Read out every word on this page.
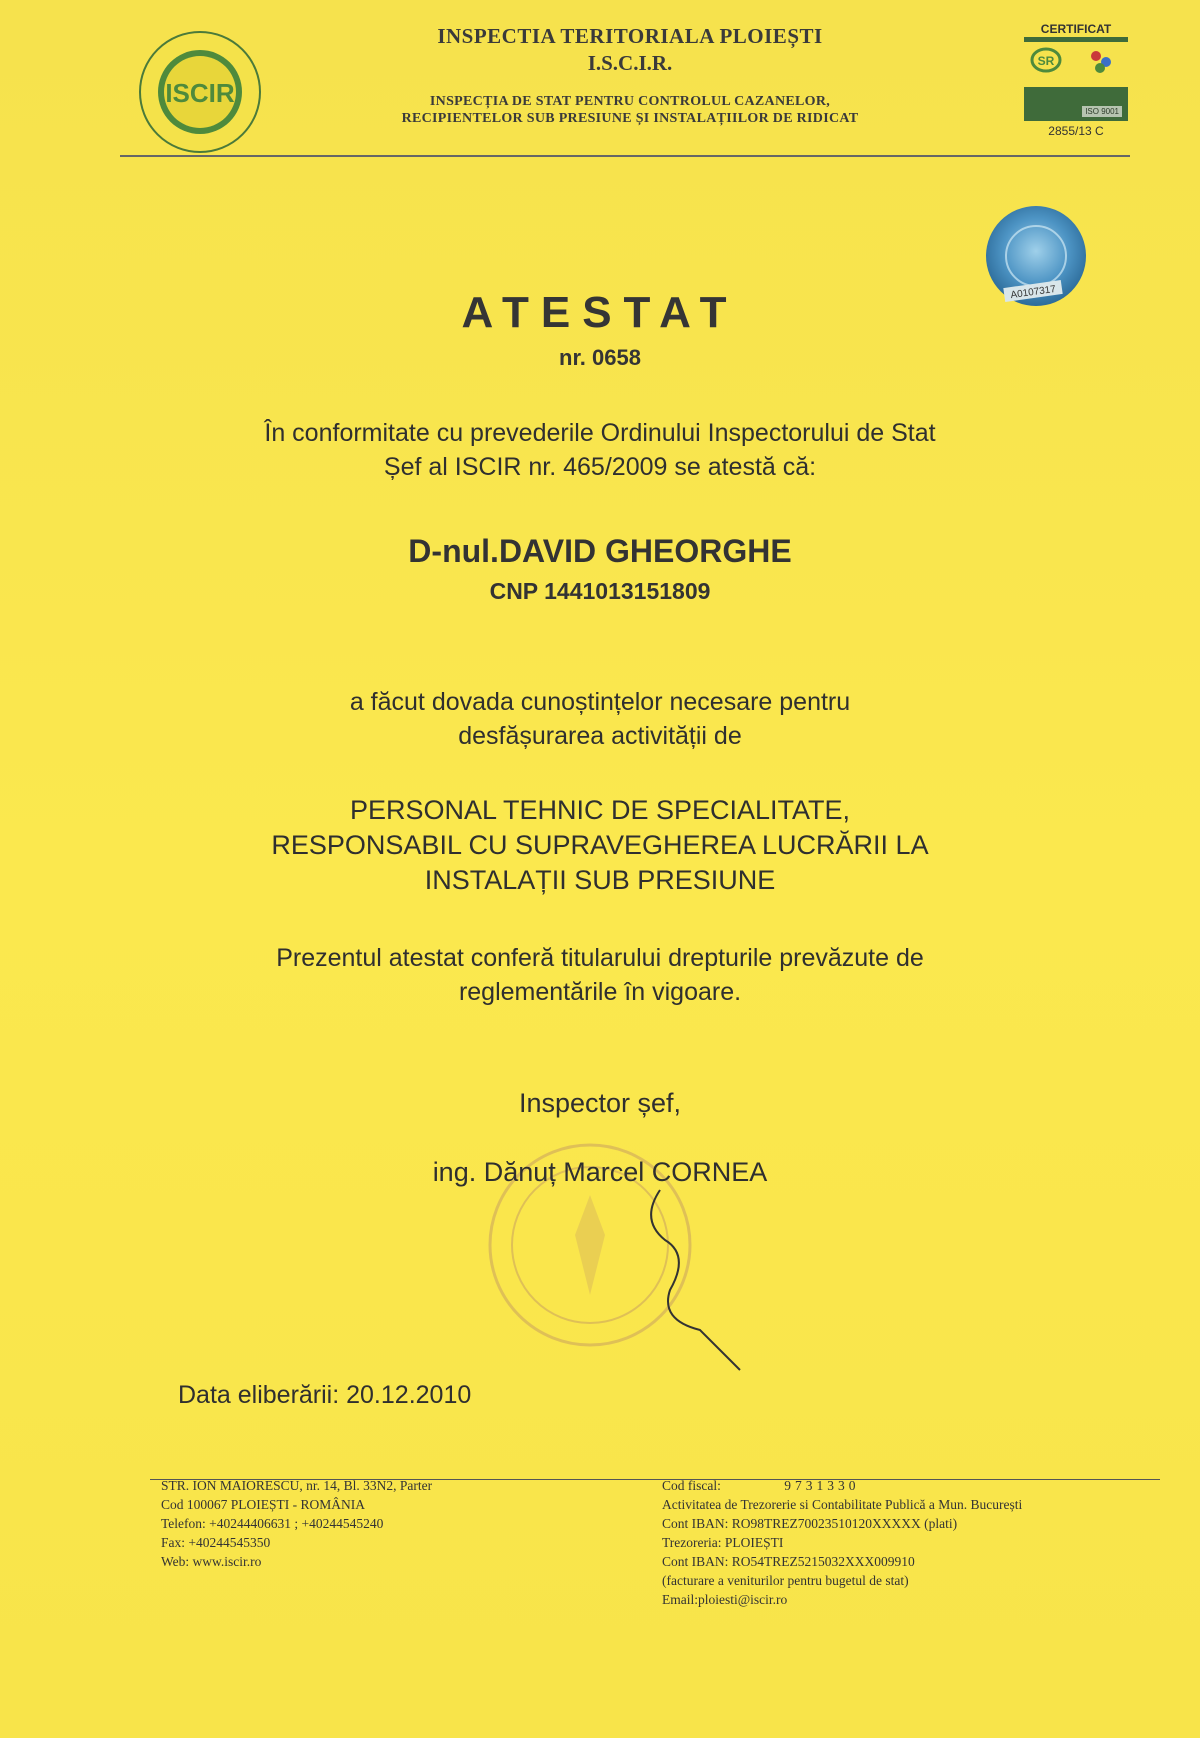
ISCIR
INSPECTIA TERITORIALA PLOIEȘTI
I.S.C.I.R.
INSPECȚIA DE STAT PENTRU CONTROLUL CAZANELOR,
RECIPIENTELOR SUB PRESIUNE ȘI INSTALAȚIILOR DE RIDICAT
CERTIFICAT
SR
ISO 9001
2855/13 C
A0107317
ATESTAT
nr. 0658
În conformitate cu prevederile Ordinului Inspectorului de Stat
Șef al ISCIR nr. 465/2009 se atestă că:
D-nul.DAVID GHEORGHE
CNP 1441013151809
a făcut dovada cunoștințelor necesare pentru
desfășurarea activității de
PERSONAL TEHNIC DE SPECIALITATE,
RESPONSABIL CU SUPRAVEGHEREA LUCRĂRII LA
INSTALAȚII SUB PRESIUNE
Prezentul atestat conferă titularului drepturile prevăzute de
reglementările în vigoare.
Inspector șef,
ing. Dănuț Marcel CORNEA
Data eliberării: 20.12.2010
STR. ION MAIORESCU, nr. 14, Bl. 33N2, Parter
Cod 100067 PLOIEȘTI - ROMÂNIA
Telefon: +40244406631 ; +40244545240
Fax: +40244545350
Web: www.iscir.ro
Cod fiscal:	9731330
Activitatea de Trezorerie si Contabilitate Publică a Mun. București
Cont IBAN: RO98TREZ70023510120XXXXX (plati)
Trezoreria: PLOIEȘTI
Cont IBAN: RO54TREZ5215032XXX009910
(facturare a veniturilor pentru bugetul de stat)
Email:ploiesti@iscir.ro
